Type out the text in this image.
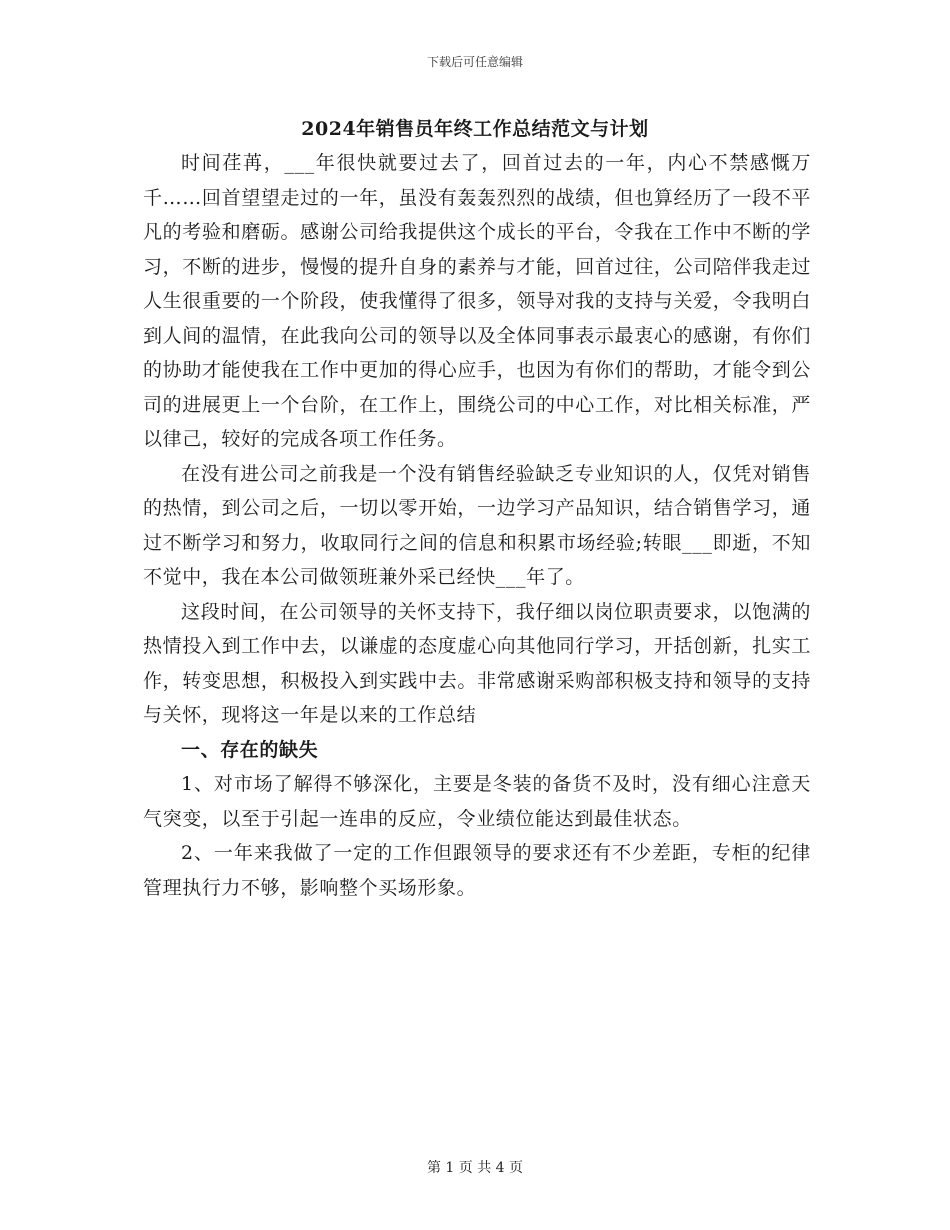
下载后可任意编辑
2024年销售员年终工作总结范文与计划

时间荏苒，___年很快就要过去了，回首过去的一年，内心不禁感慨万千……回首望望走过的一年，虽没有轰轰烈烈的战绩，但也算经历了一段不平凡的考验和磨砺。感谢公司给我提供这个成长的平台，令我在工作中不断的学习，不断的进步，慢慢的提升自身的素养与才能，回首过往，公司陪伴我走过人生很重要的一个阶段，使我懂得了很多，领导对我的支持与关爱，令我明白到人间的温情，在此我向公司的领导以及全体同事表示最衷心的感谢，有你们的协助才能使我在工作中更加的得心应手，也因为有你们的帮助，才能令到公司的进展更上一个台阶，在工作上，围绕公司的中心工作，对比相关标准，严以律己，较好的完成各项工作任务。

在没有进公司之前我是一个没有销售经验缺乏专业知识的人，仅凭对销售的热情，到公司之后，一切以零开始，一边学习产品知识，结合销售学习，通过不断学习和努力，收取同行之间的信息和积累市场经验;转眼___即逝，不知不觉中，我在本公司做领班兼外采已经快___年了。

这段时间，在公司领导的关怀支持下，我仔细以岗位职责要求，以饱满的热情投入到工作中去，以谦虚的态度虚心向其他同行学习，开括创新，扎实工作，转变思想，积极投入到实践中去。非常感谢采购部积极支持和领导的支持与关怀，现将这一年是以来的工作总结

一、存在的缺失

1、对市场了解得不够深化，主要是冬装的备货不及时，没有细心注意天气突变，以至于引起一连串的反应，令业绩位能达到最佳状态。

2、一年来我做了一定的工作但跟领导的要求还有不少差距，专柜的纪律管理执行力不够，影响整个买场形象。

第 1 页 共 4 页
